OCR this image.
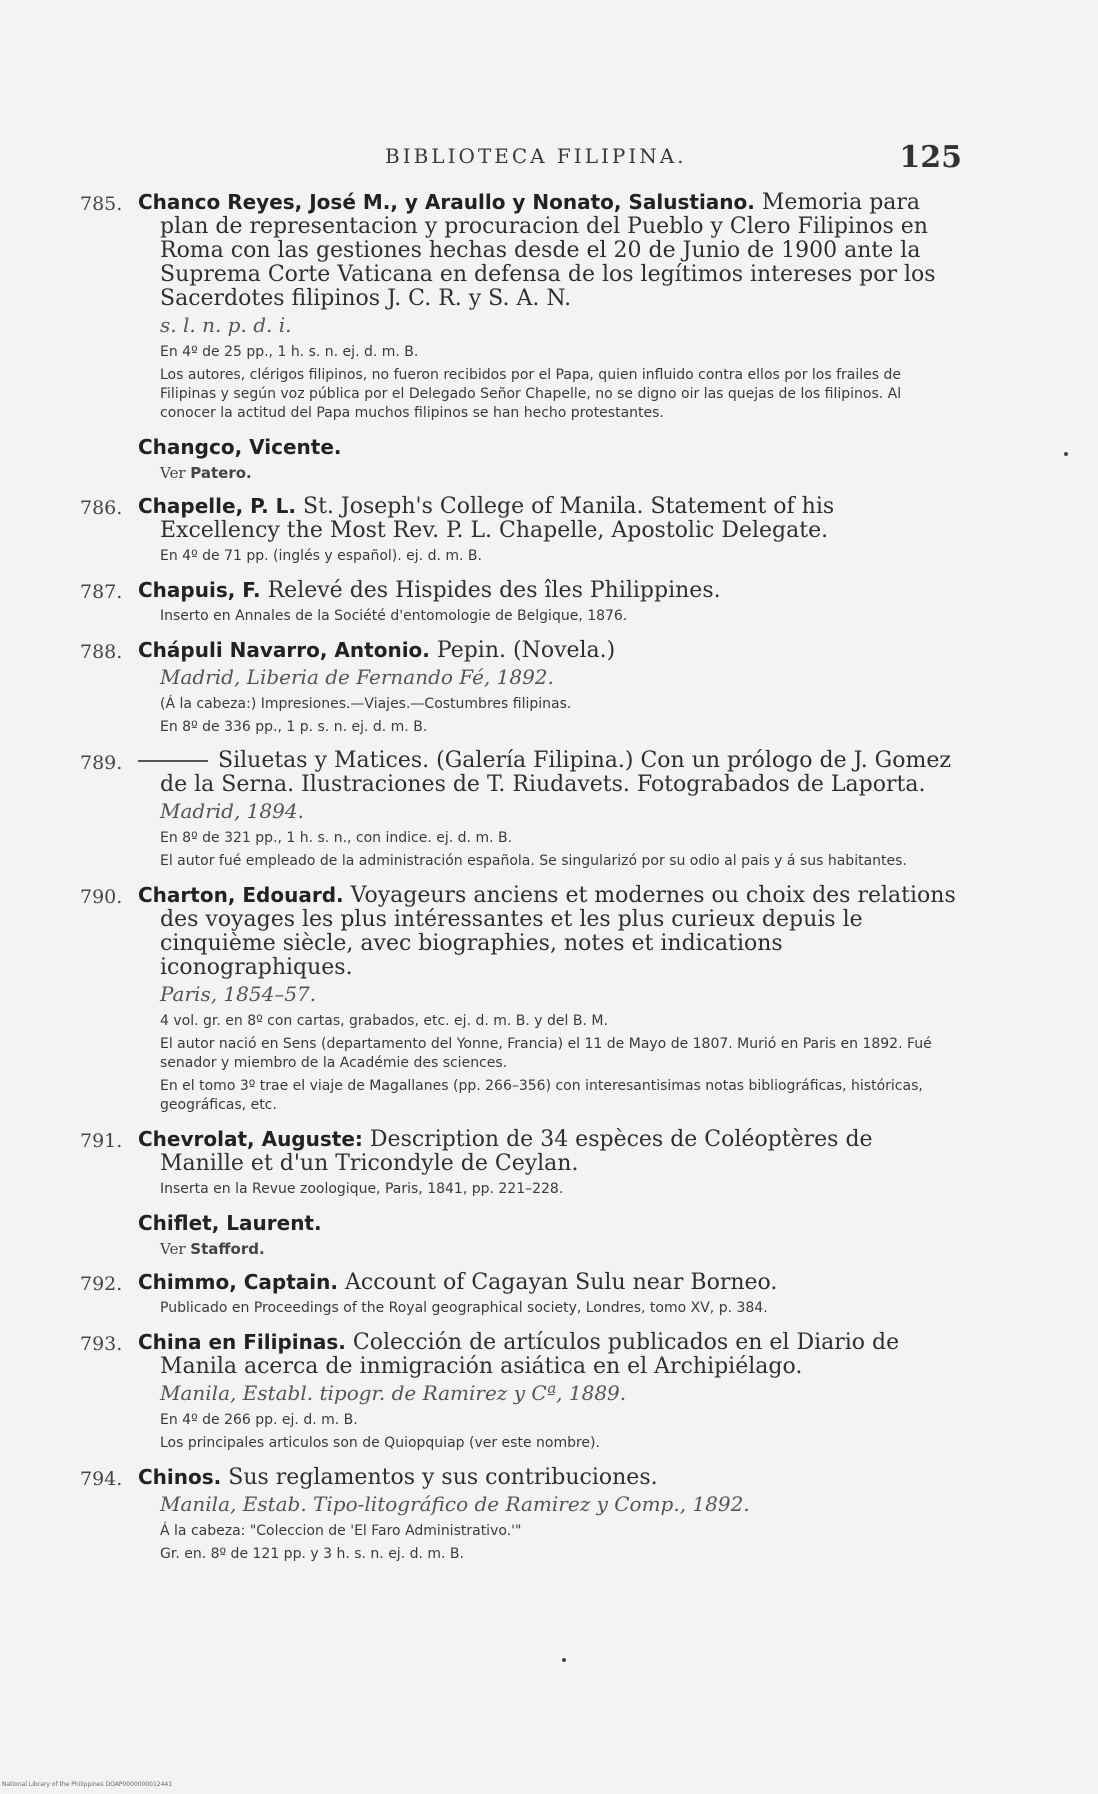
BIBLIOTECA FILIPINA.	125
785. Chanco Reyes, José M., y Araullo y Nonato, Salustiano. Memoria para plan de representacion y procuracion del Pueblo y Clero Filipinos en Roma con las gestiones hechas desde el 20 de Junio de 1900 ante la Suprema Corte Vaticana en defensa de los legítimos intereses por los Sacerdotes filipinos J. C. R. y S. A. N.
s. l. n. p. d. i.
En 4º de 25 pp., 1 h. s. n. ej. d. m. B.
Los autores, clérigos filipinos, no fueron recibidos por el Papa, quien influido contra ellos por los frailes de Filipinas y según voz pública por el Delegado Señor Chapelle, no se digno oir las quejas de los filipinos. Al conocer la actitud del Papa muchos filipinos se han hecho protestantes.
Changco, Vicente.
Ver Patero.
786. Chapelle, P. L. St. Joseph's College of Manila. Statement of his Excellency the Most Rev. P. L. Chapelle, Apostolic Delegate.
En 4º de 71 pp. (inglés y español). ej. d. m. B.
787. Chapuis, F. Relevé des Hispides des îles Philippines.
Inserto en Annales de la Société d'entomologie de Belgique, 1876.
788. Chápuli Navarro, Antonio. Pepin. (Novela.)
Madrid, Liberia de Fernando Fé, 1892.
(Á la cabeza:) Impresiones.—Viajes.—Costumbres filipinas.
En 8º de 336 pp., 1 p. s. n. ej. d. m. B.
789.	Siluetas y Matices. (Galería Filipina.) Con un prólogo de J. Gomez de la Serna. Ilustraciones de T. Riudavets. Fotograbados de Laporta.
Madrid, 1894.
En 8º de 321 pp., 1 h. s. n., con indice. ej. d. m. B.
El autor fué empleado de la administración española. Se singularizó por su odio al pais y á sus habitantes.
790. Charton, Edouard. Voyageurs anciens et modernes ou choix des relations des voyages les plus intéressantes et les plus curieux depuis le cinquième siècle, avec biographies, notes et indications iconographiques.
Paris, 1854–57.
4 vol. gr. en 8º con cartas, grabados, etc. ej. d. m. B. y del B. M.
El autor nació en Sens (departamento del Yonne, Francia) el 11 de Mayo de 1807. Murió en Paris en 1892. Fué senador y miembro de la Académie des sciences.
En el tomo 3º trae el viaje de Magallanes (pp. 266–356) con interesantisimas notas bibliográficas, históricas, geográficas, etc.
791. Chevrolat, Auguste: Description de 34 espèces de Coléoptères de Manille et d'un Tricondyle de Ceylan.
Inserta en la Revue zoologique, Paris, 1841, pp. 221–228.
Chiflet, Laurent.
Ver Stafford.
792. Chimmo, Captain. Account of Cagayan Sulu near Borneo.
Publicado en Proceedings of the Royal geographical society, Londres, tomo XV, p. 384.
793. China en Filipinas. Colección de artículos publicados en el Diario de Manila acerca de inmigración asiática en el Archipiélago.
Manila, Establ. tipogr. de Ramirez y Cª, 1889.
En 4º de 266 pp. ej. d. m. B.
Los principales articulos son de Quiopquiap (ver este nombre).
794. Chinos. Sus reglamentos y sus contribuciones.
Manila, Estab. Tipo-litográfico de Ramirez y Comp., 1892.
Á la cabeza: "Coleccion de 'El Faro Administrativo.'"
Gr. en. 8º de 121 pp. y 3 h. s. n. ej. d. m. B.
National Library of the Philippines DOAP0000000012441
